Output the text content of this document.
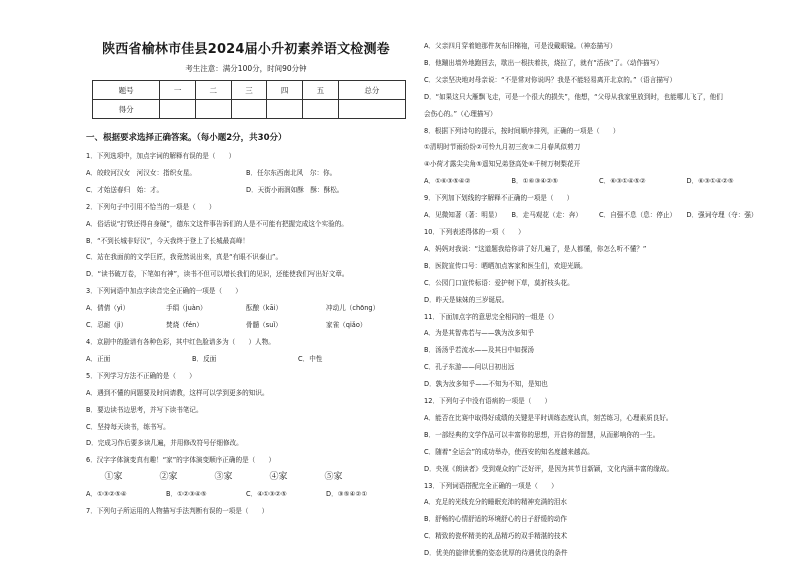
陕西省榆林市佳县2024届小升初素养语文检测卷
考生注意：满分100分，时间90分钟
题号	一	二	三	四	五	总分
得分						
一、根据要求选择正确答案。（每小题2分，共30分）
1．下列选项中，加点字词的解释有误的是（　　）
A．皎皎河汉女　河汉女：指织女星。	B．任尔东西南北风　尔：你。
C．才始送春归　始：才。	D．天街小雨润如酥　酥：酥松。
2．下列句子中引用不恰当的一项是（　　）
A．俗话说“打铁还得自身硬”，德东文这件事告诉们的人是不可能有把握完成这个实验的。
B．“不到长城非好汉”，今天我终于登上了长城最高峰！
C．站在我面前的文学巨匠，我竟然说出来，真是“有眼不识泰山”。
D．“读书破万卷，下笔如有神”，读书不但可以增长我们的见识，还能使我们写出好文章。
3．下列词语中加点字读音完全正确的一项是（　　）
A．倩倩（yì）	手绢（juàn）	酝酿（kāi）	冲动儿（chōng）
C．忍耐（jì）	焚烧（fén）	骨髓（suǐ）	家雀（qiǎo）
4．京剧中的脸谱有各种色彩，其中红色脸谱多为（　　）人物。
A．正面	B．反面	C．中性
5．下列学习方法不正确的是（　　）
A．遇到不懂的问题要及时问请教，这样可以学到更多的知识。
B．要边读书边思考，并写下读书笔记。
C．坚持每天读书，练书写。
D．完成习作后要多读几遍，并用修改符号仔细修改。
6．汉字字体演变真有趣！“家”的字体演变顺序正确的是（　　）
①家	②家	③家	④家	⑤家
A．①③②⑤④	B．①②③④⑤	C．④①③②⑤	D．③⑤④②①
7．下列句子所运用的人物描写手法判断有误的一项是（　　）
A．父亲四月穿着她那件灰布旧棉袍，可是没戴眼镜。（神态描写）
B．他蹦出墙外地跑回去，歇出一根扶着扶，烧拉了，就有“活孩”了。（动作描写）
C．父亲坚决地对母亲说：“不是常对你说吗？我是不能轻易离开北京的。”（语言描写）
D．“如果这只大雁飘飞走，可是一个很大的损失”，他想，“父母从我家里放到时，也能哪儿飞了，他们
会伤心的。”（心理描写）
8．根据下列诗句的提示，按时间顺序排列，正确的一项是（　　）
①清明时节雨纷纷②可怜九月初三夜③二月春风似剪刀
④小荷才露尖尖角⑤遥知兄弟登高处⑥千树万树梨花开
A．①⑥③⑤④②	B．①⑥③④②⑤	C．⑥③①④⑤②	D．⑥③①④②⑤
9．下列加下划线的字解释不正确的一项是（　　）
A．见微知著（著：明显）	B．走马观花（走：奔）	C．自强不息（息：停止）	D．强词夺理（夺：强）
10．下列表述得体的一项（　　）
A．妈妈对我说：“这道题我给你讲了好几遍了，是人都懂，你怎么听不懂？”
B．医院宣传口号：晒晒加点客家和医生们，欢迎光顾。
C．公园门口宣传标语：爱护树下草，莫折枝头花。
D．昨天是妹妹的三岁诞辰。
11．下面加点字的意思完全相同的一组是（）
A．为是其智弗若与——孰为汝多知乎
B．汤汤乎若流水——及其日中如探汤
C．孔子东游——问以日初出远
D．孰为汝多知乎——不知为不知，是知也
12．下列句子中没有语病的一项是（　　）
A．能否在比赛中取得好成绩的关键是平时训练态度认真，刻苦练习，心理素质良好。
B．一部经典的文学作品可以丰富你的思想，开启你的智慧，从而影响你的一生。
C．随着“全运会”的成功举办，使西安的知名度越来越高。
D．央视《朗读者》受到观众的广泛好评，是因为其节目新颖，文化内涵丰富的缘故。
13．下列词语搭配完全正确的一项是（　　）
A．充足的光线充分的睡眠充沛的精神充满的泪水
B．舒畅的心情舒适的环境舒心的日子舒缓的动作
C．精致的瓷杯精美的礼品精巧的双手精湛的技术
D．优美的旋律优雅的姿态优厚的待遇优良的条件
